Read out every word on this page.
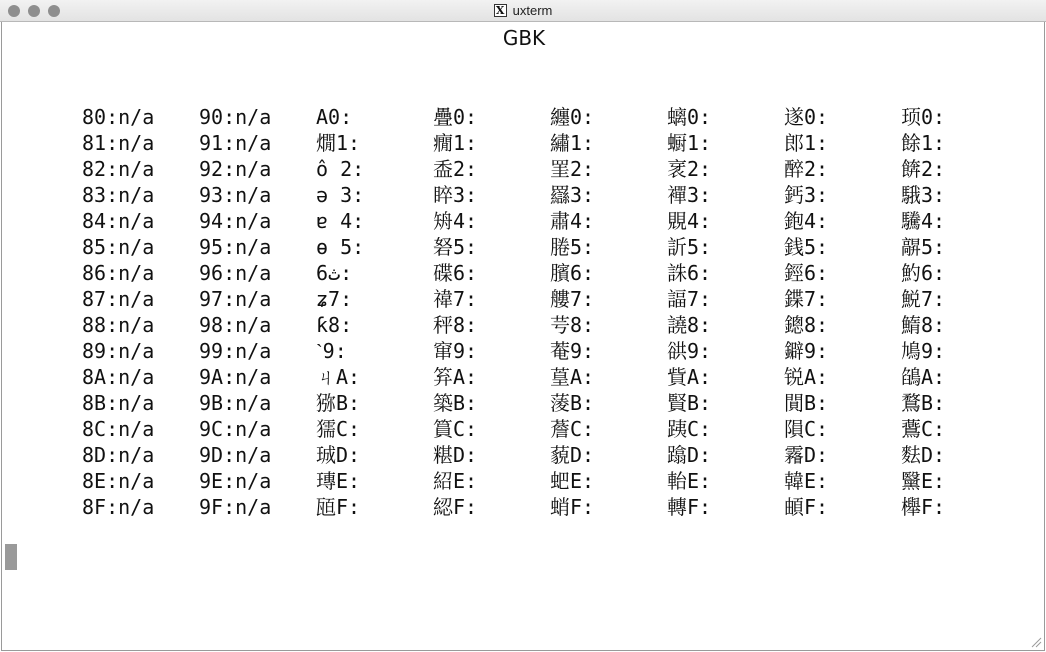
X uxterm
GBK
80:n/a	90:n/a	A0:	疊0:	纏0:	螭0:	遂0:	顼0:
81:n/a	91:n/a	燗1:	癇1:	繡1:	蟵1:	郎1:	餘1:
82:n/a	92:n/a	ô 2:	盉2:	罣2:	衺2:	醉2:	餴2:
83:n/a	93:n/a	ǝ 3:	睟3:	羉3:	襌3:	鈣3:	騀3:
84:n/a	94:n/a	ɐ 4:	矪4:	肅4:	覞4:	鉋4:	驣4:
85:n/a	95:n/a	ɵ 5:	砮5:	腃5:	訢5:	銭5:	髜5:
86:n/a	96:n/a	ث6:	碟6:	臏6:	誅6:	鋞6:	魡6:
87:n/a	97:n/a	ʑ7:	禕7:	艛7:	諨7:	鍱7:	鮵7:
88:n/a	98:n/a	ƙ8:	秤8:	芌8:	譊8:	鏓8:	鰖8:
89:n/a	99:n/a	ˋ9:	窜9:	菴9:	谼9:	鐴9:	鳩9:
8A:n/a	9A:n/a	ㄐA:	笲A:	葟A:	貲A:	锐A:	鵮A:
8B:n/a	9B:n/a	猕B:	築B:	蔆B:	賢B:	閴B:	鶩B:
8C:n/a	9C:n/a	獳C:	篔C:	薝C:	跠C:	隕C:	鷰C:
8D:n/a	9D:n/a	珹D:	糂D:	藐D:	蹹D:	霿D:	麮D:
8E:n/a	9E:n/a	瑼E:	紹E:	蚆E:	軩E:	韓E:	黳E:
8F:n/a	9F:n/a	瓸F:	綛F:	蛸F:	轉F:	頔F:	櫸F:
